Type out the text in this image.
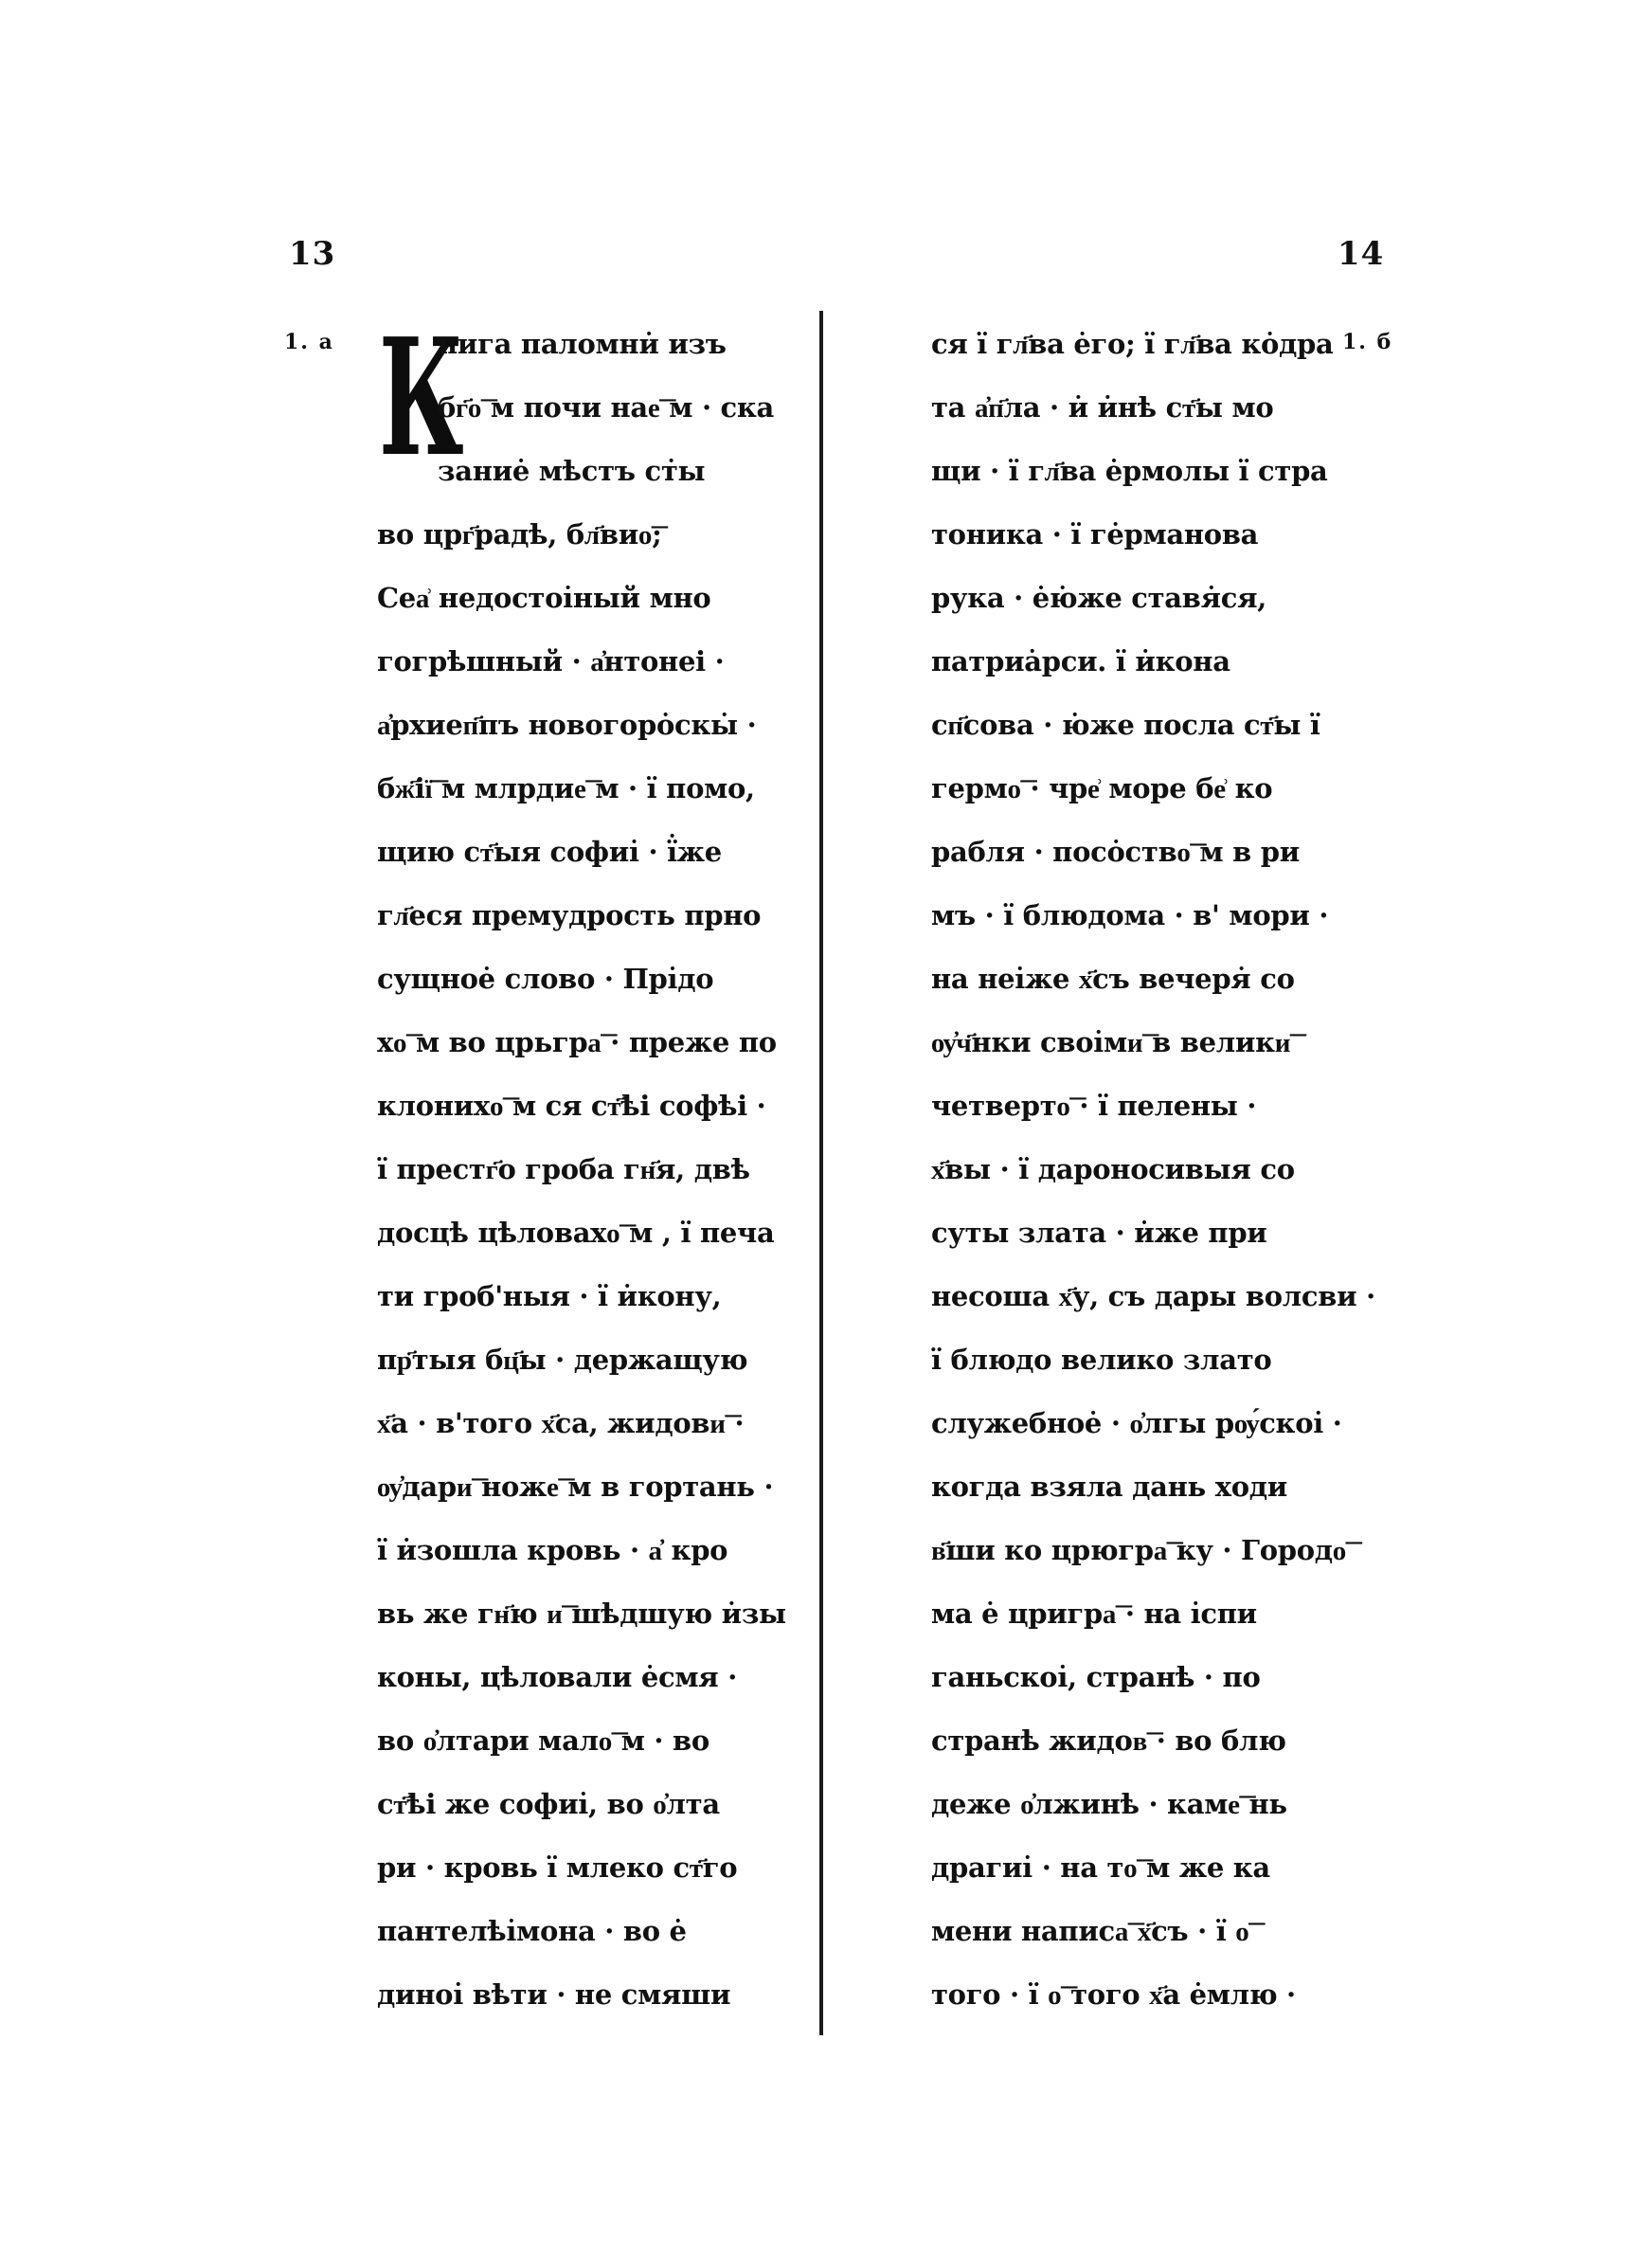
13	14
1. а	1. б
К
нига паломни̇ изъ
бг҃о͞ м почи нае͞ м · ска
зание̇ мѣстъ ст̇ы
во црг҃радѣ, бл҃вио͞;
Сеа͗ недостоі̇ный мно
гогрѣшный · а҆нтонеі ·
а҆рхиеп҃пъ новогоро̇скы̇ ·
бж҃ії͞ м млрдие͞ м · ї помо,
щию ст҃ыя софиі̇ · ї̇же
гл҃еся премудрость прно
сущное̇ слово · Прі̇до
хо͞ м во црьгра͞ · преже по
клонихо͞ м ся ст҃ѣі софѣі ·
ї престг҃о гроба гн҃я, двѣ
досцѣ цѣловахо͞ м , ї печа
ти гроб'ныя · ї и̇кону,
пр҃тыя бц҃ы · держащую
х҃а · в'того х҃са, жидови͞ ·
ѹ҆дари͞ ноже͞ м в гортань ·
ї и̇зошла кровь · а҆ кро
вь же гн҃ю и͞ шѣдшую и̇зы
коны, цѣловали е̇смя ·
во о҆лтари мало͞ м · во
ст҃ѣі же софиі̇, во о҆лта
ри · кровь ї млеко ст҃го
пантелѣі̇мона · во е̇
диноі̇ вѣти · не смяши
ся ї гл҃ва е̇го; ї гл҃ва ко̇дра
та а҆п҃ла · и̇ и̇нѣ ст҃ы мо
щи · ї гл҃ва е̇рмолы ї стра
тоника · ї ге̇рманова
рука · е̇ю̇же ставя̇ся,
патриа̇рси. ї и̇кона
сп҃сова · ю̇же посла ст҃ы ї
гермо͞ · чре͗ море бе͗ ко
рабля · посо̇ство͞ м в ри
мъ · ї блюдома · в' мори ·
на неі̇же х҃съ вечеря̇ со
ѹ҆ч҃нки своі̇ми͞ в велики͞
четверто͞ · ї пелены ·
х҃вы · ї дароносивыя со
суты злата · и̇же при
несоша х҃у, съ дары волсви ·
ї блюдо велико злато
служебное̇ · о҆лгы рѹ́скоі̇ ·
когда взяла дань ходи
в҃ши ко црюгра͞ ку · Городо͞
ма е̇ цригра͞ · на і̇спи
ганьскоі̇, странѣ · по
странѣ жидов͞ · во блю
деже о҆лжинѣ · каме͞ нь
драгиі̇ · на то͞ м же ка
мени написа͞ х҃съ · ї о͞
того · ї о͞ того х҃а е̇млю ·
